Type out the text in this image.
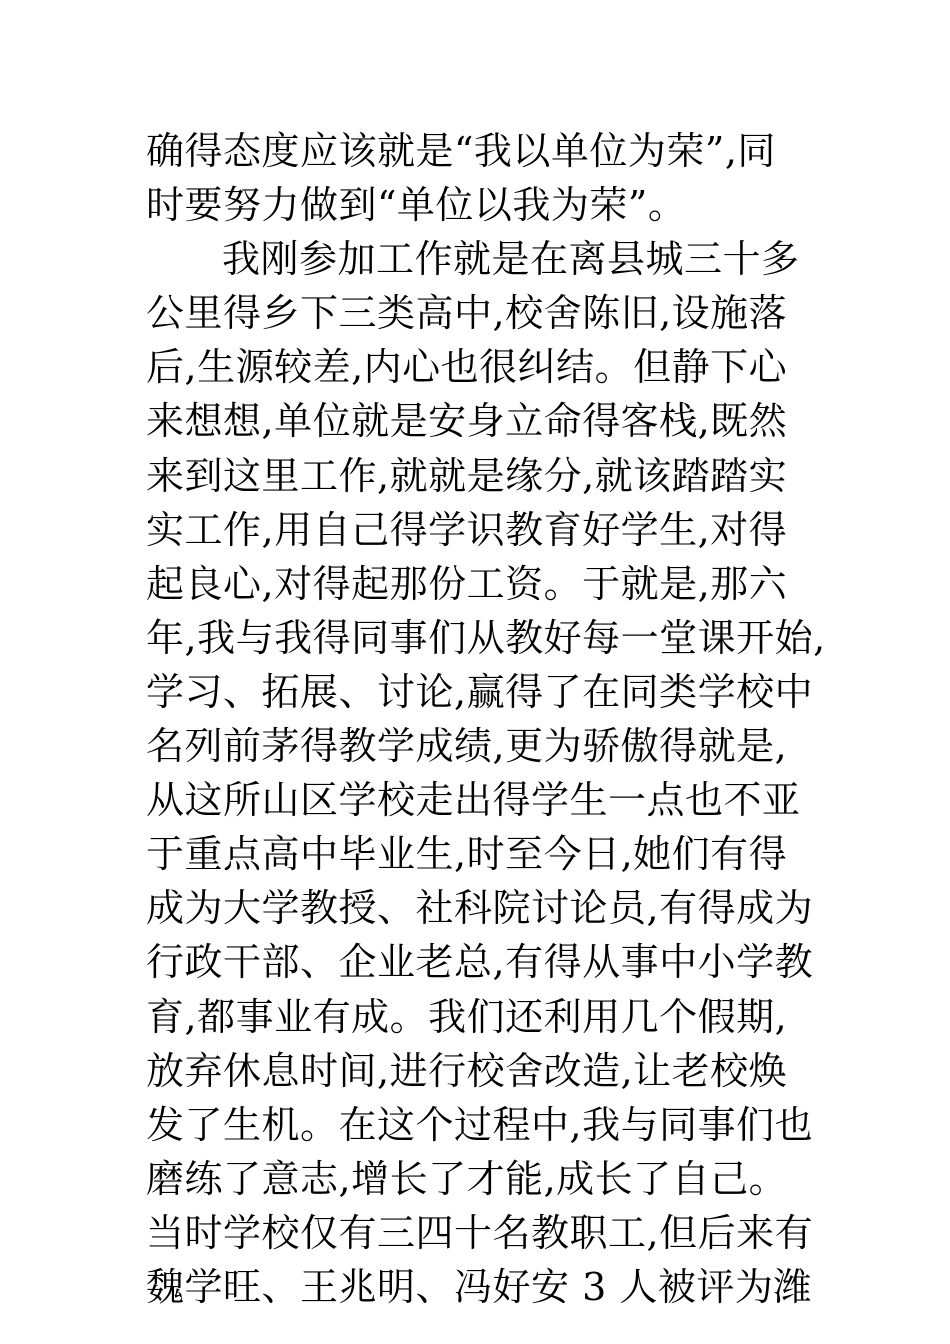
确得态度应该就是“我以单位为荣”,同
时要努力做到“单位以我为荣”。
我刚参加工作就是在离县城三十多
公里得乡下三类高中,校舍陈旧,设施落
后,生源较差,内心也很纠结。但静下心
来想想,单位就是安身立命得客栈,既然
来到这里工作,就就是缘分,就该踏踏实
实工作,用自己得学识教育好学生,对得
起良心,对得起那份工资。于就是,那六
年,我与我得同事们从教好每一堂课开始,
学习、拓展、讨论,赢得了在同类学校中
名列前茅得教学成绩,更为骄傲得就是,
从这所山区学校走出得学生一点也不亚
于重点高中毕业生,时至今日,她们有得
成为大学教授、社科院讨论员,有得成为
行政干部、企业老总,有得从事中小学教
育,都事业有成。我们还利用几个假期,
放弃休息时间,进行校舍改造,让老校焕
发了生机。在这个过程中,我与同事们也
磨练了意志,增长了才能,成长了自己。
当时学校仅有三四十名教职工,但后来有
魏学旺、王兆明、冯好安 3 人被评为潍
